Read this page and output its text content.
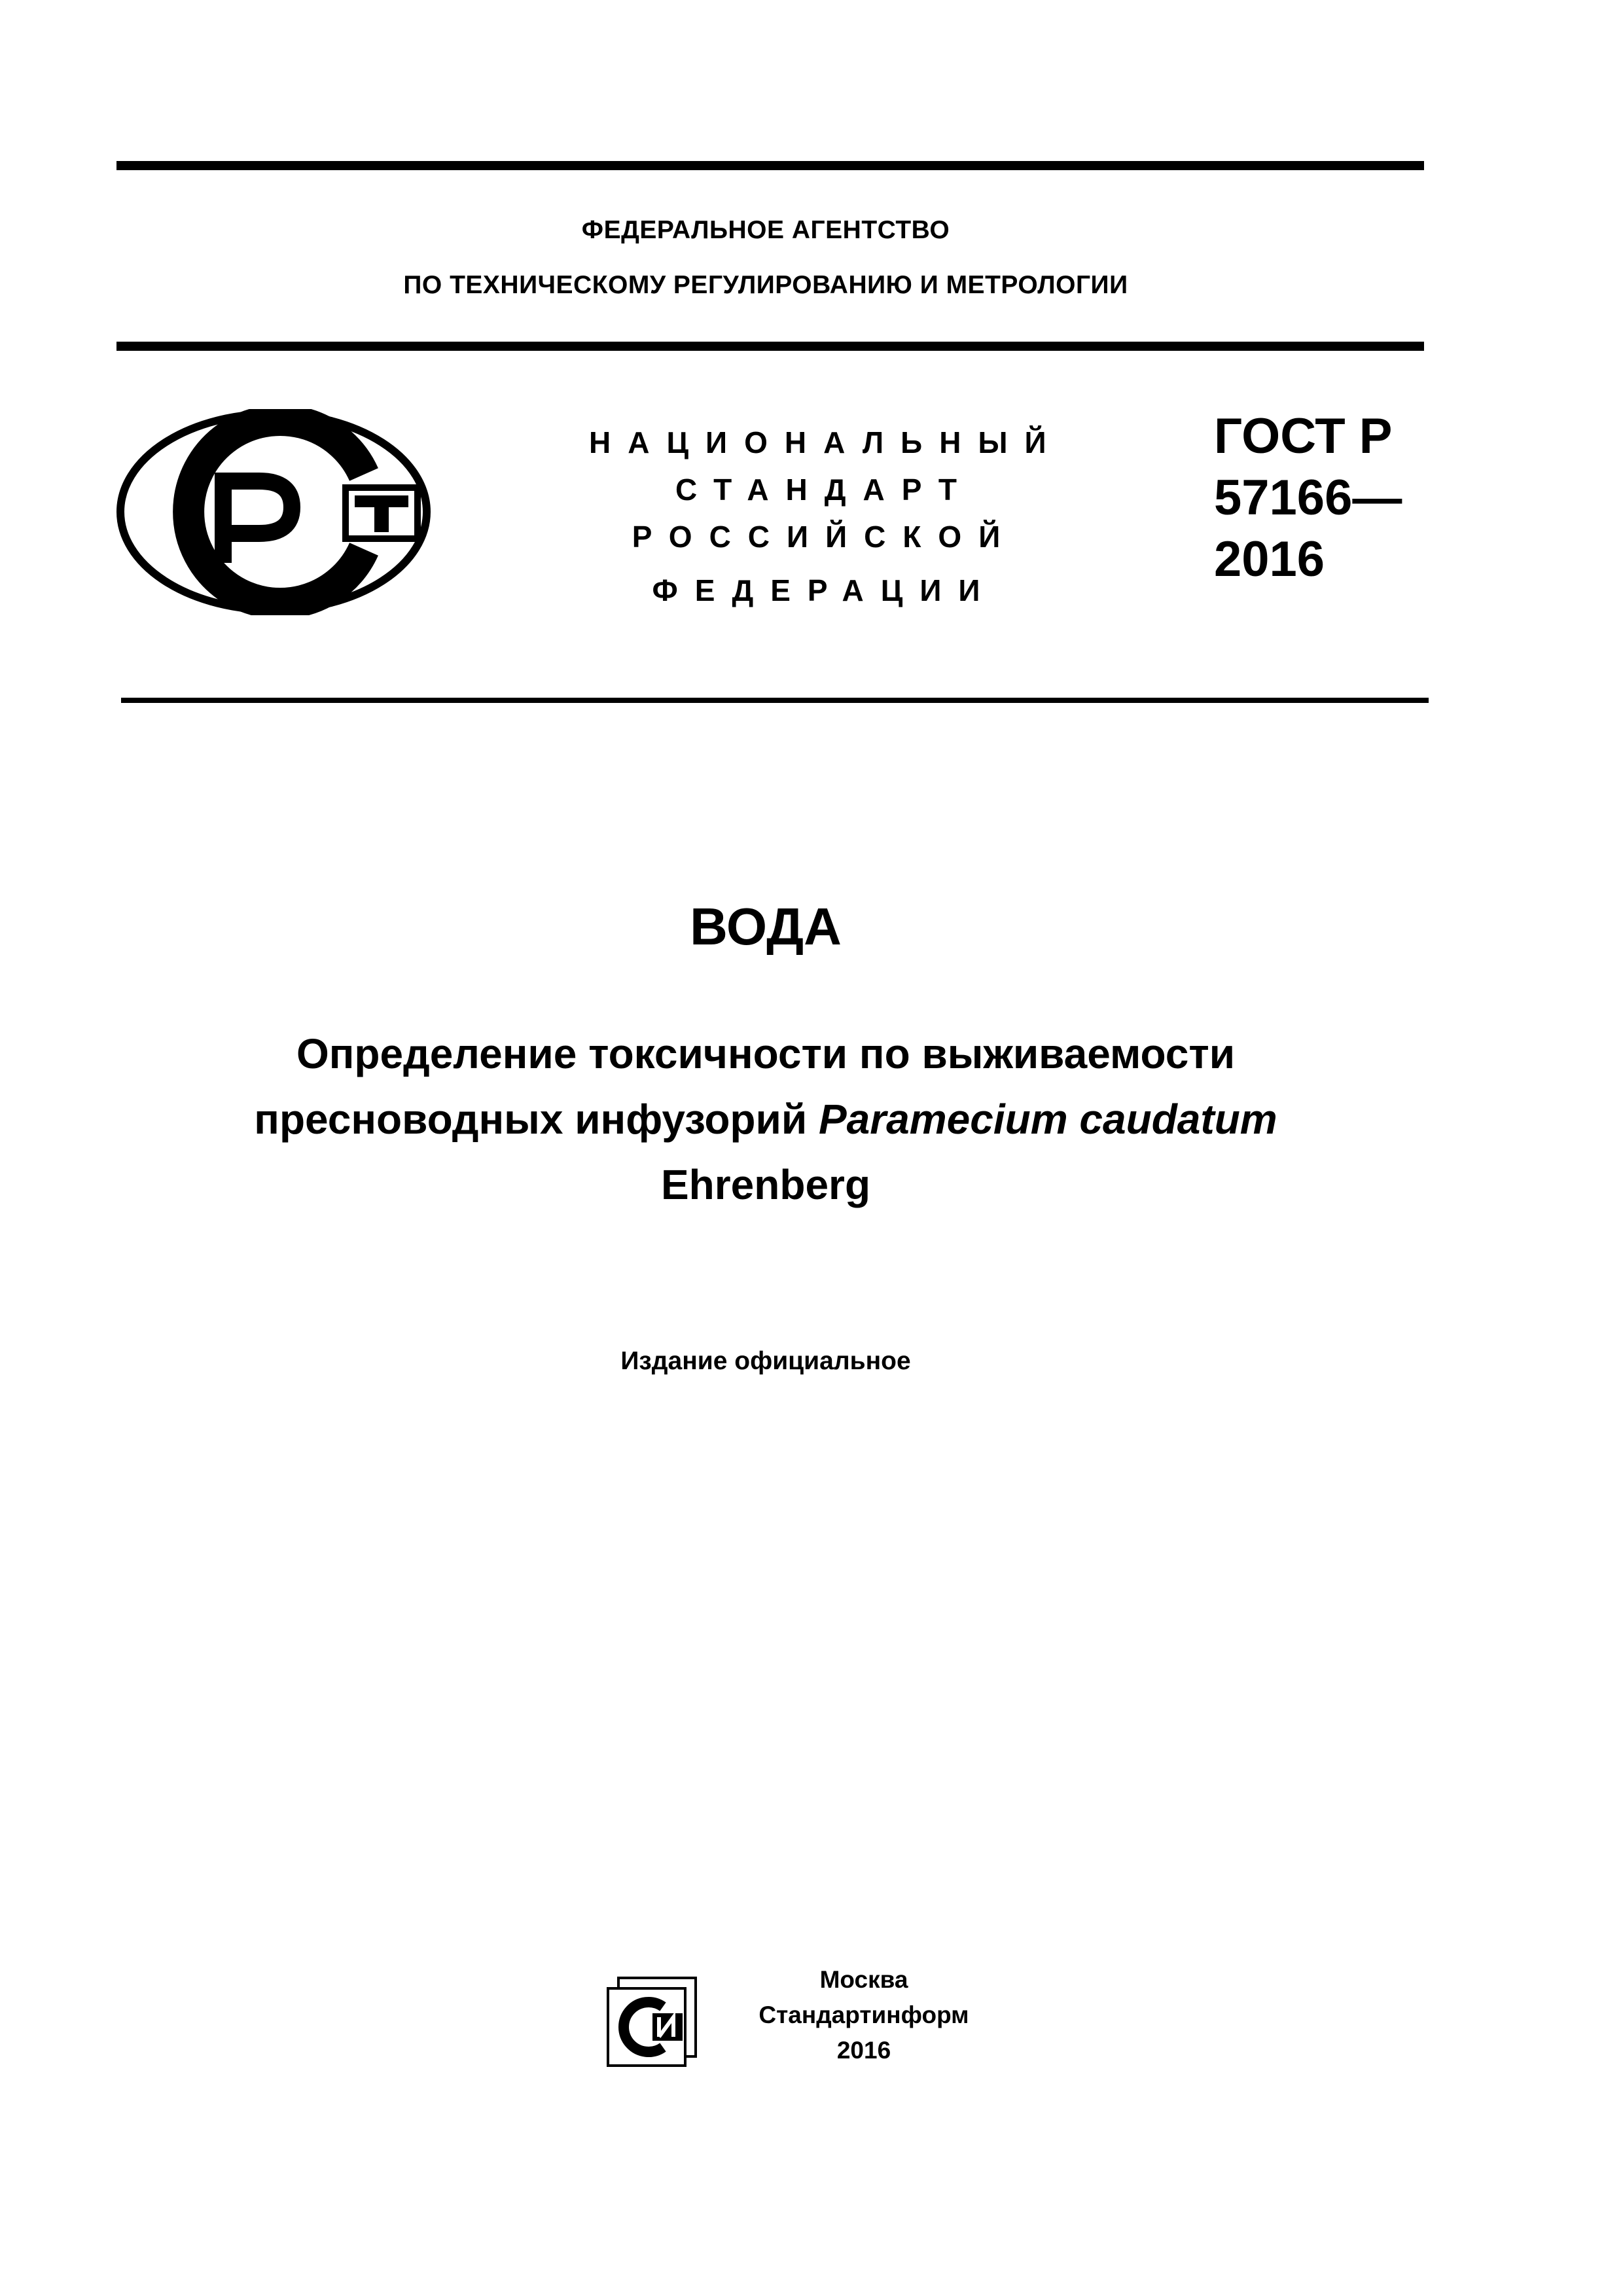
ФЕДЕРАЛЬНОЕ АГЕНТСТВО
ПО ТЕХНИЧЕСКОМУ РЕГУЛИРОВАНИЮ И МЕТРОЛОГИИ
НАЦИОНАЛЬНЫЙ
СТАНДАРТ
РОССИЙСКОЙ
ФЕДЕРАЦИИ
ГОСТ Р
57166—
2016
ВОДА
Определение токсичности по выживаемости
пресноводных инфузорий Paramecium caudatum
Ehrenberg
Издание официальное
Москва
Стандартинформ
2016
